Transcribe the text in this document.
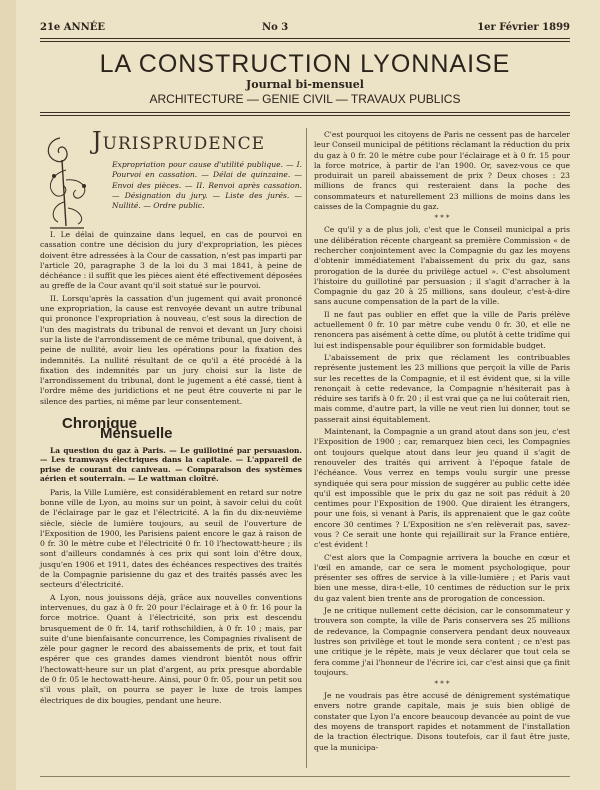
21e ANNÉE	No 3	1er Février 1899
LA CONSTRUCTION LYONNAISE
Journal bi-mensuel
ARCHITECTURE — GENIE CIVIL — TRAVAUX PUBLICS
JURISPRUDENCE
Expropriation pour cause d'utilité publique. — I. Pourvoi en cassation. — Délai de quinzaine. — Envoi des pièces. — II. Renvoi après cassation. — Désignation du jury. — Liste des jurés. — Nullité. — Ordre public.

I. Le délai de quinzaine dans lequel, en cas de pourvoi en cassation contre une décision du jury d'expropriation, les pièces doivent être adressées à la Cour de cassation, n'est pas imparti par l'article 20, paragraphe 3 de la loi du 3 mai 1841, à peine de déchéance : il suffit que les pièces aient été effectivement déposées au greffe de la Cour avant qu'il soit statué sur le pourvoi.

II. Lorsqu'après la cassation d'un jugement qui avait prononcé une expropriation, la cause est renvoyée devant un autre tribunal qui prononce l'expropriation à nouveau, c'est sous la direction de l'un des magistrats du tribunal de renvoi et devant un Jury choisi sur la liste de l'arrondissement de ce même tribunal, que doivent, à peine de nullité, avoir lieu les opérations pour la fixation des indemnités. La nullité résultant de ce qu'il a été procédé à la fixation des indemnités par un jury choisi sur la liste de l'arrondissement du tribunal, dont le jugement a été cassé, tient à l'ordre même des juridictions et ne peut être couverte ni par le silence des parties, ni même par leur consentement.

Chronique
Mensuelle

La question du gaz à Paris. — Le guillotiné par persuasion. — Les tramways électriques dans la capitale. — L'appareil de prise de courant du caniveau. — Comparaison des systèmes aérien et souterrain. — Le wattman cloîtré.

Paris, la Ville Lumière, est considérablement en retard sur notre bonne ville de Lyon, au moins sur un point, à savoir celui du coût de l'éclairage par le gaz et l'électricité. A la fin du dix-neuvième siècle, siècle de lumière toujours, au seuil de l'ouverture de l'Exposition de 1900, les Parisiens paient encore le gaz à raison de 0 fr. 30 le mètre cube et l'électricité 0 fr. 10 l'hectowatt-heure ; ils sont d'ailleurs condamnés à ces prix qui sont loin d'être doux, jusqu'en 1906 et 1911, dates des échéances respectives des traités de la Compagnie parisienne du gaz et des traités passés avec les secteurs d'électricité.

A Lyon, nous jouissons déjà, grâce aux nouvelles conventions intervenues, du gaz à 0 fr. 20 pour l'éclairage et à 0 fr. 16 pour la force motrice. Quant à l'électricité, son prix est descendu brusquement de 0 fr. 14, tarif rothschildien, à 0 fr. 10 ; mais, par suite d'une bienfaisante concurrence, les Compagnies rivalisent de zèle pour gagner le record des abaissements de prix, et tout fait espérer que ces grandes dames viendront bientôt nous offrir l'hectowatt-heure sur un plat d'argent, au prix presque abordable de 0 fr. 05 le hectowatt-heure. Ainsi, pour 0 fr. 05, pour un petit sou s'il vous plaît, on pourra se payer le luxe de trois lampes électriques de dix bougies, pendant une heure.

C'est pourquoi les citoyens de Paris ne cessent pas de harceler leur Conseil municipal de pétitions réclamant la réduction du prix du gaz à 0 fr. 20 le mètre cube pour l'éclairage et à 0 fr. 15 pour la force motrice, à partir de l'an 1900. Or, savez-vous ce que produirait un pareil abaissement de prix ? Deux choses : 23 millions de francs qui resteraient dans la poche des consommateurs et naturellement 23 millions de moins dans les caisses de la Compagnie du gaz.

* * *

Ce qu'il y a de plus joli, c'est que le Conseil municipal a pris une délibération récente chargeant sa première Commission « de rechercher conjointement avec la Compagnie du gaz les moyens d'obtenir immédiatement l'abaissement du prix du gaz, sans prorogation de la durée du privilège actuel ». C'est absolument l'histoire du guillotiné par persuasion ; il s'agit d'arracher à la Compagnie du gaz 20 à 25 millions, sans douleur, c'est-à-dire sans aucune compensation de la part de la ville.

Il ne faut pas oublier en effet que la ville de Paris prélève actuellement 0 fr. 10 par mètre cube vendu 0 fr. 30, et elle ne renoncera pas aisément à cette dîme, ou plutôt à cette tridîme qui lui est indispensable pour équilibrer son formidable budget.

L'abaissement de prix que réclament les contribuables représente justement les 23 millions que perçoit la ville de Paris sur les recettes de la Compagnie, et il est évident que, si la ville renonçait à cette redevance, la Compagnie n'hésiterait pas à réduire ses tarifs à 0 fr. 20 ; il est vrai que ça ne lui coûterait rien, mais comme, d'autre part, la ville ne veut rien lui donner, tout se passerait ainsi équitablement.

Maintenant, la Compagnie a un grand atout dans son jeu, c'est l'Exposition de 1900 ; car, remarquez bien ceci, les Compagnies ont toujours quelque atout dans leur jeu quand il s'agit de renouveler des traités qui arrivent à l'époque fatale de l'échéance. Vous verrez en temps voulu surgir une presse syndiquée qui sera pour mission de suggérer au public cette idée qu'il est impossible que le prix du gaz ne soit pas réduit à 20 centimes pour l'Exposition de 1900. Que diraient les étrangers, pour une fois, si venant à Paris, ils apprenaient que le gaz coûte encore 30 centimes ? L'Exposition ne s'en relèverait pas, savez-vous ? Ce serait une honte qui rejaillirait sur la France entière, c'est évident !

C'est alors que la Compagnie arrivera la bouche en cœur et l'œil en amande, car ce sera le moment psychologique, pour présenter ses offres de service à la ville-lumière ; et Paris vaut bien une messe, dira-t-elle, 10 centimes de réduction sur le prix du gaz valent bien trente ans de prorogation de concession.

Je ne critique nullement cette décision, car le consommateur y trouvera son compte, la ville de Paris conservera ses 25 millions de redevance, la Compagnie conservera pendant deux nouveaux lustres son privilège et tout le monde sera content ; ce n'est pas une critique je le répète, mais je veux déclarer que tout cela se fera comme j'ai l'honneur de l'écrire ici, car c'est ainsi que ça finit toujours.

* * *

Je ne voudrais pas être accusé de dénigrement systématique envers notre grande capitale, mais je suis bien obligé de constater que Lyon l'a encore beaucoup devancée au point de vue des moyens de transport rapides et notamment de l'installation de la traction électrique. Disons toutefois, car il faut être juste, que la municipa-
